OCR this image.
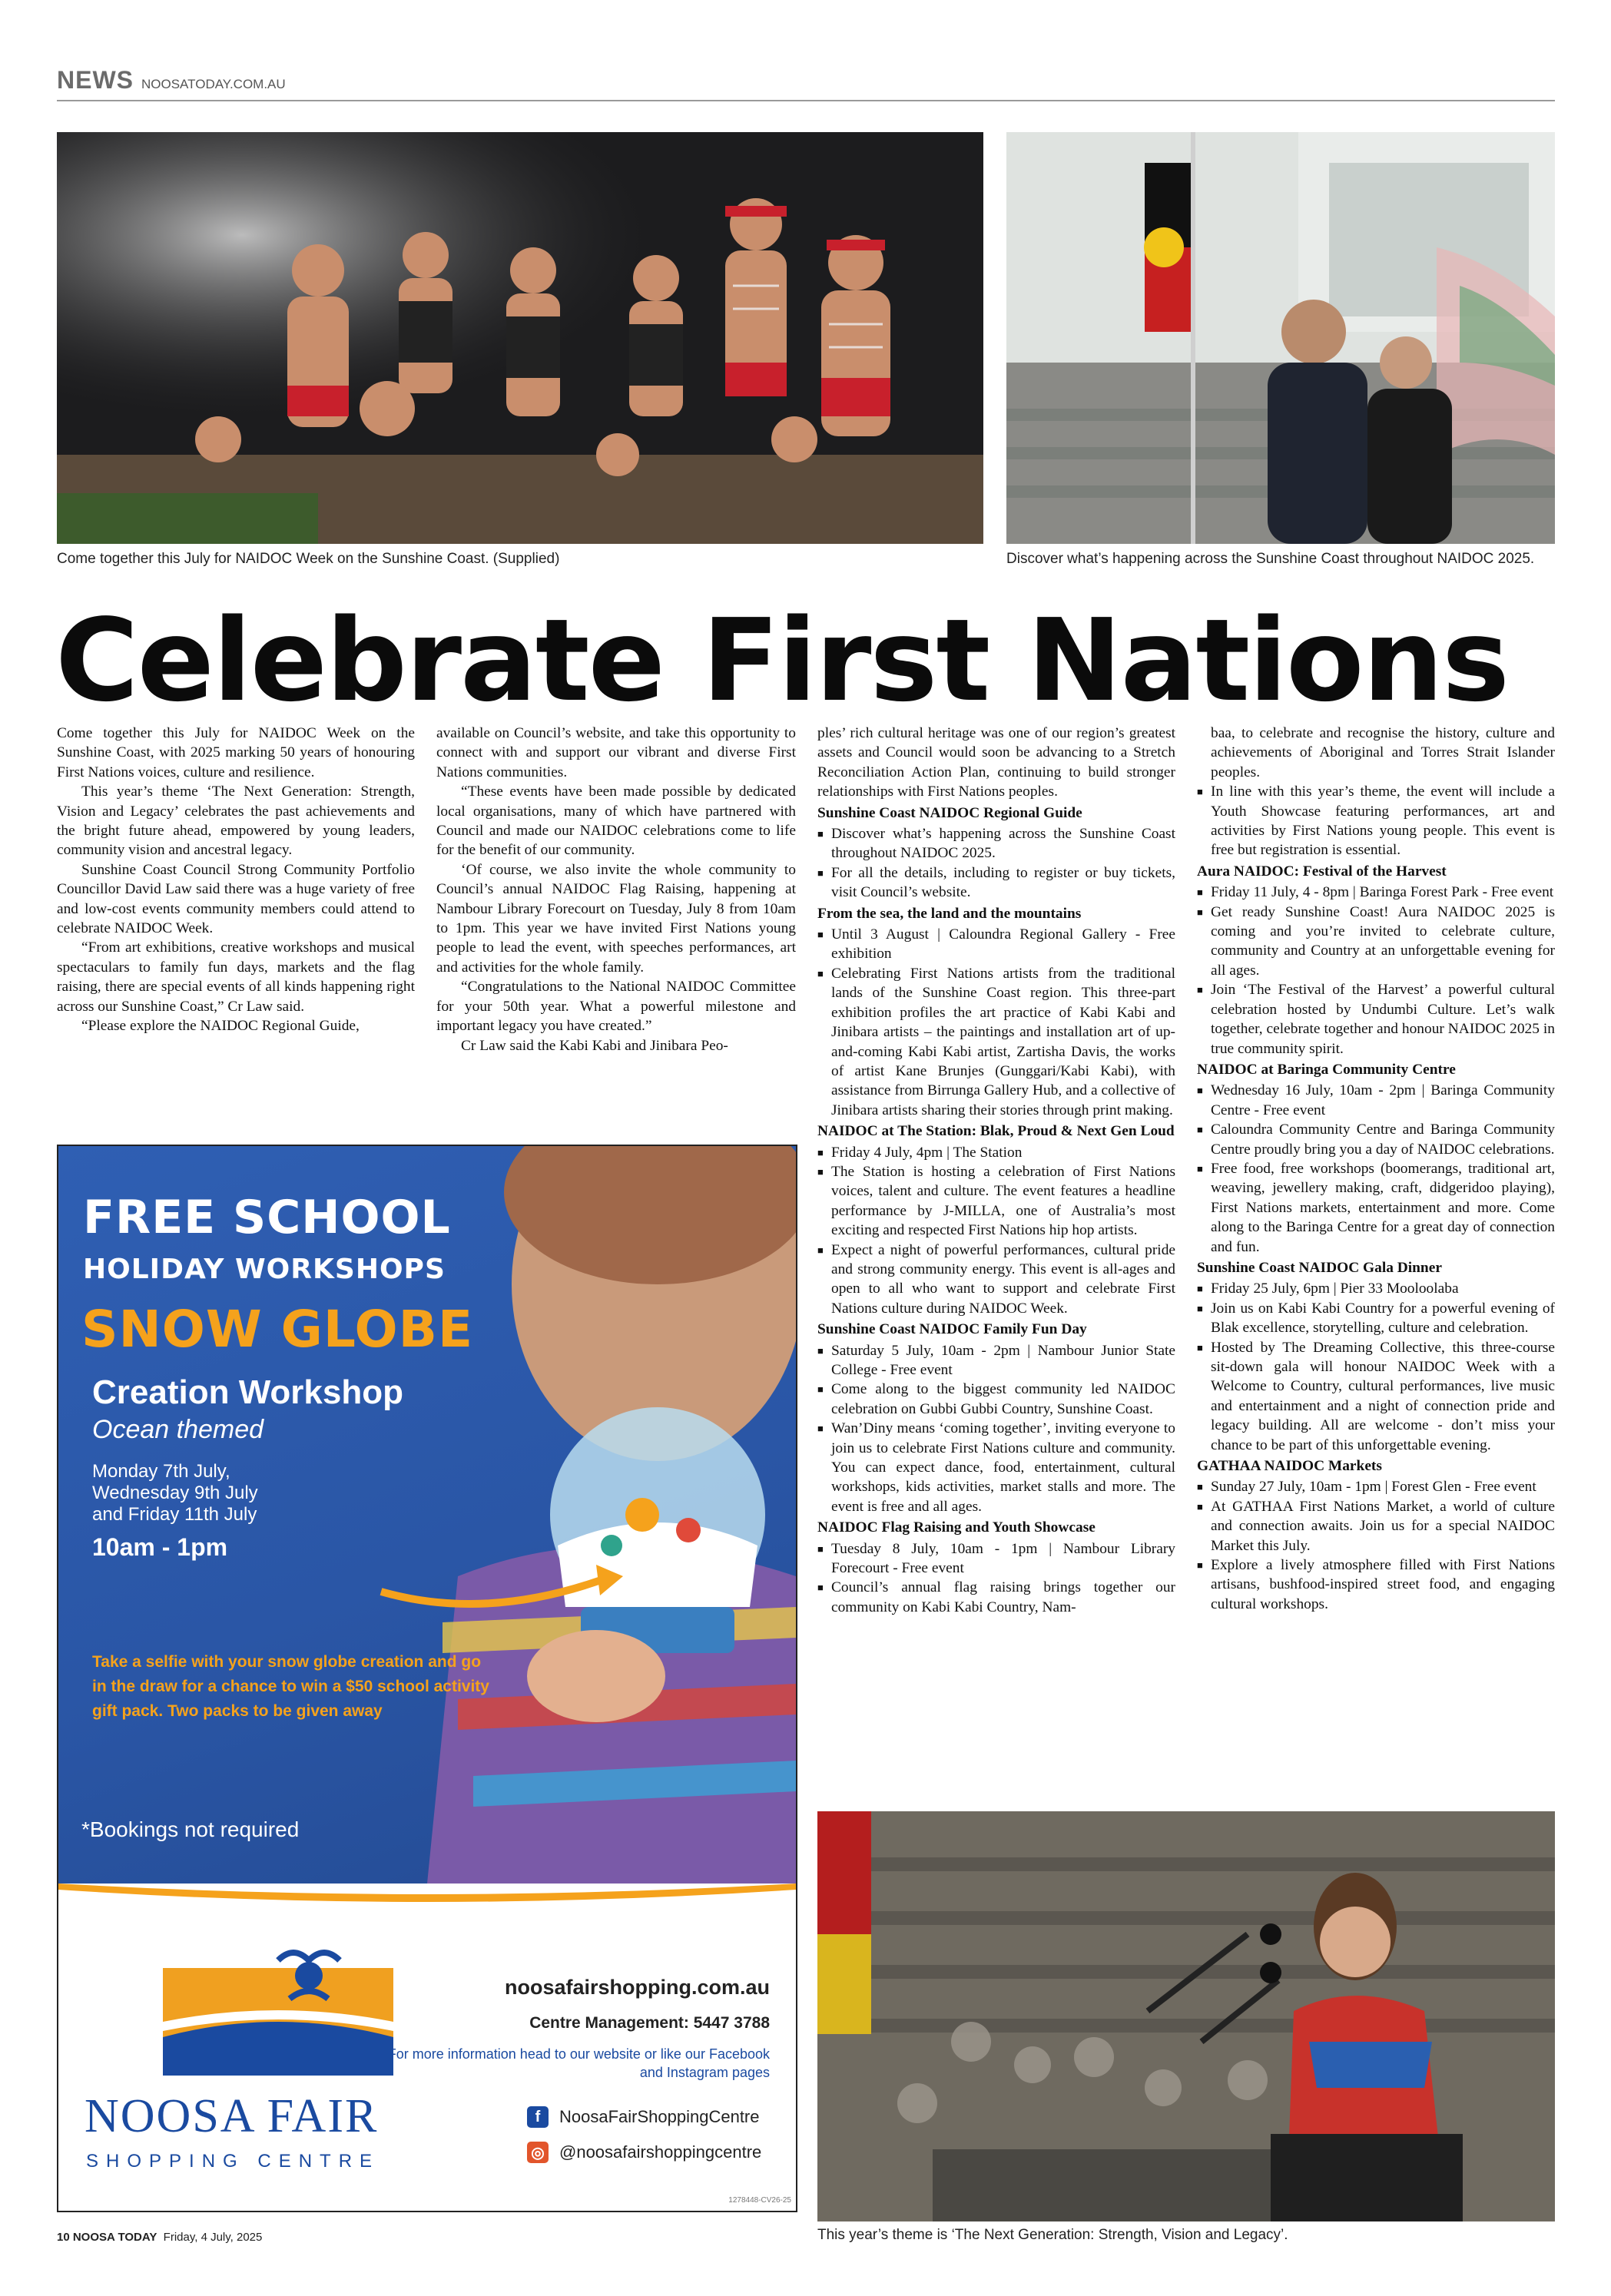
NEWS NOOSATODAY.COM.AU
Come together this July for NAIDOC Week on the Sunshine Coast. (Supplied)	Discover what’s happening across the Sunshine Coast throughout NAIDOC 2025.
Celebrate First Nations

Come together this July for NAIDOC Week on the Sunshine Coast, with 2025 marking 50 years of honouring First Nations voices, culture and resilience.

This year’s theme ‘The Next Generation: Strength, Vision and Legacy’ celebrates the past achievements and the bright future ahead, empowered by young leaders, community vision and ancestral legacy.

Sunshine Coast Council Strong Community Portfolio Councillor David Law said there was a huge variety of free and low-cost events community members could attend to celebrate NAIDOC Week.

“From art exhibitions, creative workshops and musical spectaculars to family fun days, markets and the flag raising, there are special events of all kinds happening right across our Sunshine Coast,” Cr Law said.

“Please explore the NAIDOC Regional Guide,

available on Council’s website, and take this opportunity to connect with and support our vibrant and diverse First Nations communities.

“These events have been made possible by dedicated local organisations, many of which have partnered with Council and made our NAIDOC celebrations come to life for the benefit of our community.

‘Of course, we also invite the whole community to Council’s annual NAIDOC Flag Raising, happening at Nambour Library Forecourt on Tuesday, July 8 from 10am to 1pm. This year we have invited First Nations young people to lead the event, with speeches performances, art and activities for the whole family.

“Congratulations to the National NAIDOC Committee for your 50th year. What a powerful milestone and important legacy you have created.”

Cr Law said the Kabi Kabi and Jinibara Peo-

ples’ rich cultural heritage was one of our region’s greatest assets and Council would soon be advancing to a Stretch Reconciliation Action Plan, continuing to build stronger relationships with First Nations peoples.

Sunshine Coast NAIDOC Regional Guide
■ Discover what’s happening across the Sunshine Coast throughout NAIDOC 2025.
■ For all the details, including to register or buy tickets, visit Council’s website.
From the sea, the land and the mountains
■ Until 3 August | Caloundra Regional Gallery - Free exhibition
■ Celebrating First Nations artists from the traditional lands of the Sunshine Coast region. This three-part exhibition profiles the art practice of Kabi Kabi and Jinibara artists – the paintings and installation art of up-and-coming Kabi Kabi artist, Zartisha Davis, the works of artist Kane Brunjes (Gunggari/Kabi Kabi), with assistance from Birrunga Gallery Hub, and a collective of Jinibara artists sharing their stories through print making.
NAIDOC at The Station: Blak, Proud & Next Gen Loud
■ Friday 4 July, 4pm | The Station
■ The Station is hosting a celebration of First Nations voices, talent and culture. The event features a headline performance by J-MILLA, one of Australia’s most exciting and respected First Nations hip hop artists.
■ Expect a night of powerful performances, cultural pride and strong community energy. This event is all-ages and open to all who want to support and celebrate First Nations culture during NAIDOC Week.
Sunshine Coast NAIDOC Family Fun Day
■ Saturday 5 July, 10am - 2pm | Nambour Junior State College - Free event
■ Come along to the biggest community led NAIDOC celebration on Gubbi Gubbi Country, Sunshine Coast.
■ Wan’Diny means ‘coming together’, inviting everyone to join us to celebrate First Nations culture and community. You can expect dance, food, entertainment, cultural workshops, kids activities, market stalls and more. The event is free and all ages.
NAIDOC Flag Raising and Youth Showcase
■ Tuesday 8 July, 10am - 1pm | Nambour Library Forecourt - Free event
■ Council’s annual flag raising brings together our community on Kabi Kabi Country, Nam-

baa, to celebrate and recognise the history, culture and achievements of Aboriginal and Torres Strait Islander peoples.

■ In line with this year’s theme, the event will include a Youth Showcase featuring performances, art and activities by First Nations young people. This event is free but registration is essential.
Aura NAIDOC: Festival of the Harvest
■ Friday 11 July, 4 - 8pm | Baringa Forest Park - Free event
■ Get ready Sunshine Coast! Aura NAIDOC 2025 is coming and you’re invited to celebrate culture, community and Country at an unforgettable evening for all ages.
■ Join ‘The Festival of the Harvest’ a powerful cultural celebration hosted by Undumbi Culture. Let’s walk together, celebrate together and honour NAIDOC 2025 in true community spirit.
NAIDOC at Baringa Community Centre
■ Wednesday 16 July, 10am - 2pm | Baringa Community Centre - Free event
■ Caloundra Community Centre and Baringa Community Centre proudly bring you a day of NAIDOC celebrations.
■ Free food, free workshops (boomerangs, traditional art, weaving, jewellery making, craft, didgeridoo playing), First Nations markets, entertainment and more. Come along to the Baringa Centre for a great day of connection and fun.
Sunshine Coast NAIDOC Gala Dinner
■ Friday 25 July, 6pm | Pier 33 Mooloolaba
■ Join us on Kabi Kabi Country for a powerful evening of Blak excellence, storytelling, culture and celebration.
■ Hosted by The Dreaming Collective, this three-course sit-down gala will honour NAIDOC Week with a Welcome to Country, cultural performances, live music and entertainment and a night of connection pride and legacy building. All are welcome - don’t miss your chance to be part of this unforgettable evening.
GATHAA NAIDOC Markets
■ Sunday 27 July, 10am - 1pm | Forest Glen - Free event
■ At GATHAA First Nations Market, a world of culture and connection awaits. Join us for a special NAIDOC Market this July.
■ Explore a lively atmosphere filled with First Nations artisans, bushfood-inspired street food, and engaging cultural workshops.
This year’s theme is ‘The Next Generation: Strength, Vision and Legacy’.
FREE SCHOOL
HOLIDAY WORKSHOPS
SNOW GLOBE
Creation Workshop
Ocean themed
Monday 7th July,
Wednesday 9th July
and Friday 11th July
10am - 1pm
Take a selfie with your snow globe creation and go in the draw for a chance to win a $50 school activity gift pack. Two packs to be given away
*Bookings not required
NOOSA FAIR
SHOPPING CENTRE
noosafairshopping.com.au
Centre Management: 5447 3788
For more information head to our website or like our Facebook and Instagram pages
f	NoosaFairShoppingCentre
◎ @noosafairshoppingcentre
1278448-CV26-25
10 NOOSA TODAY Friday, 4 July, 2025
